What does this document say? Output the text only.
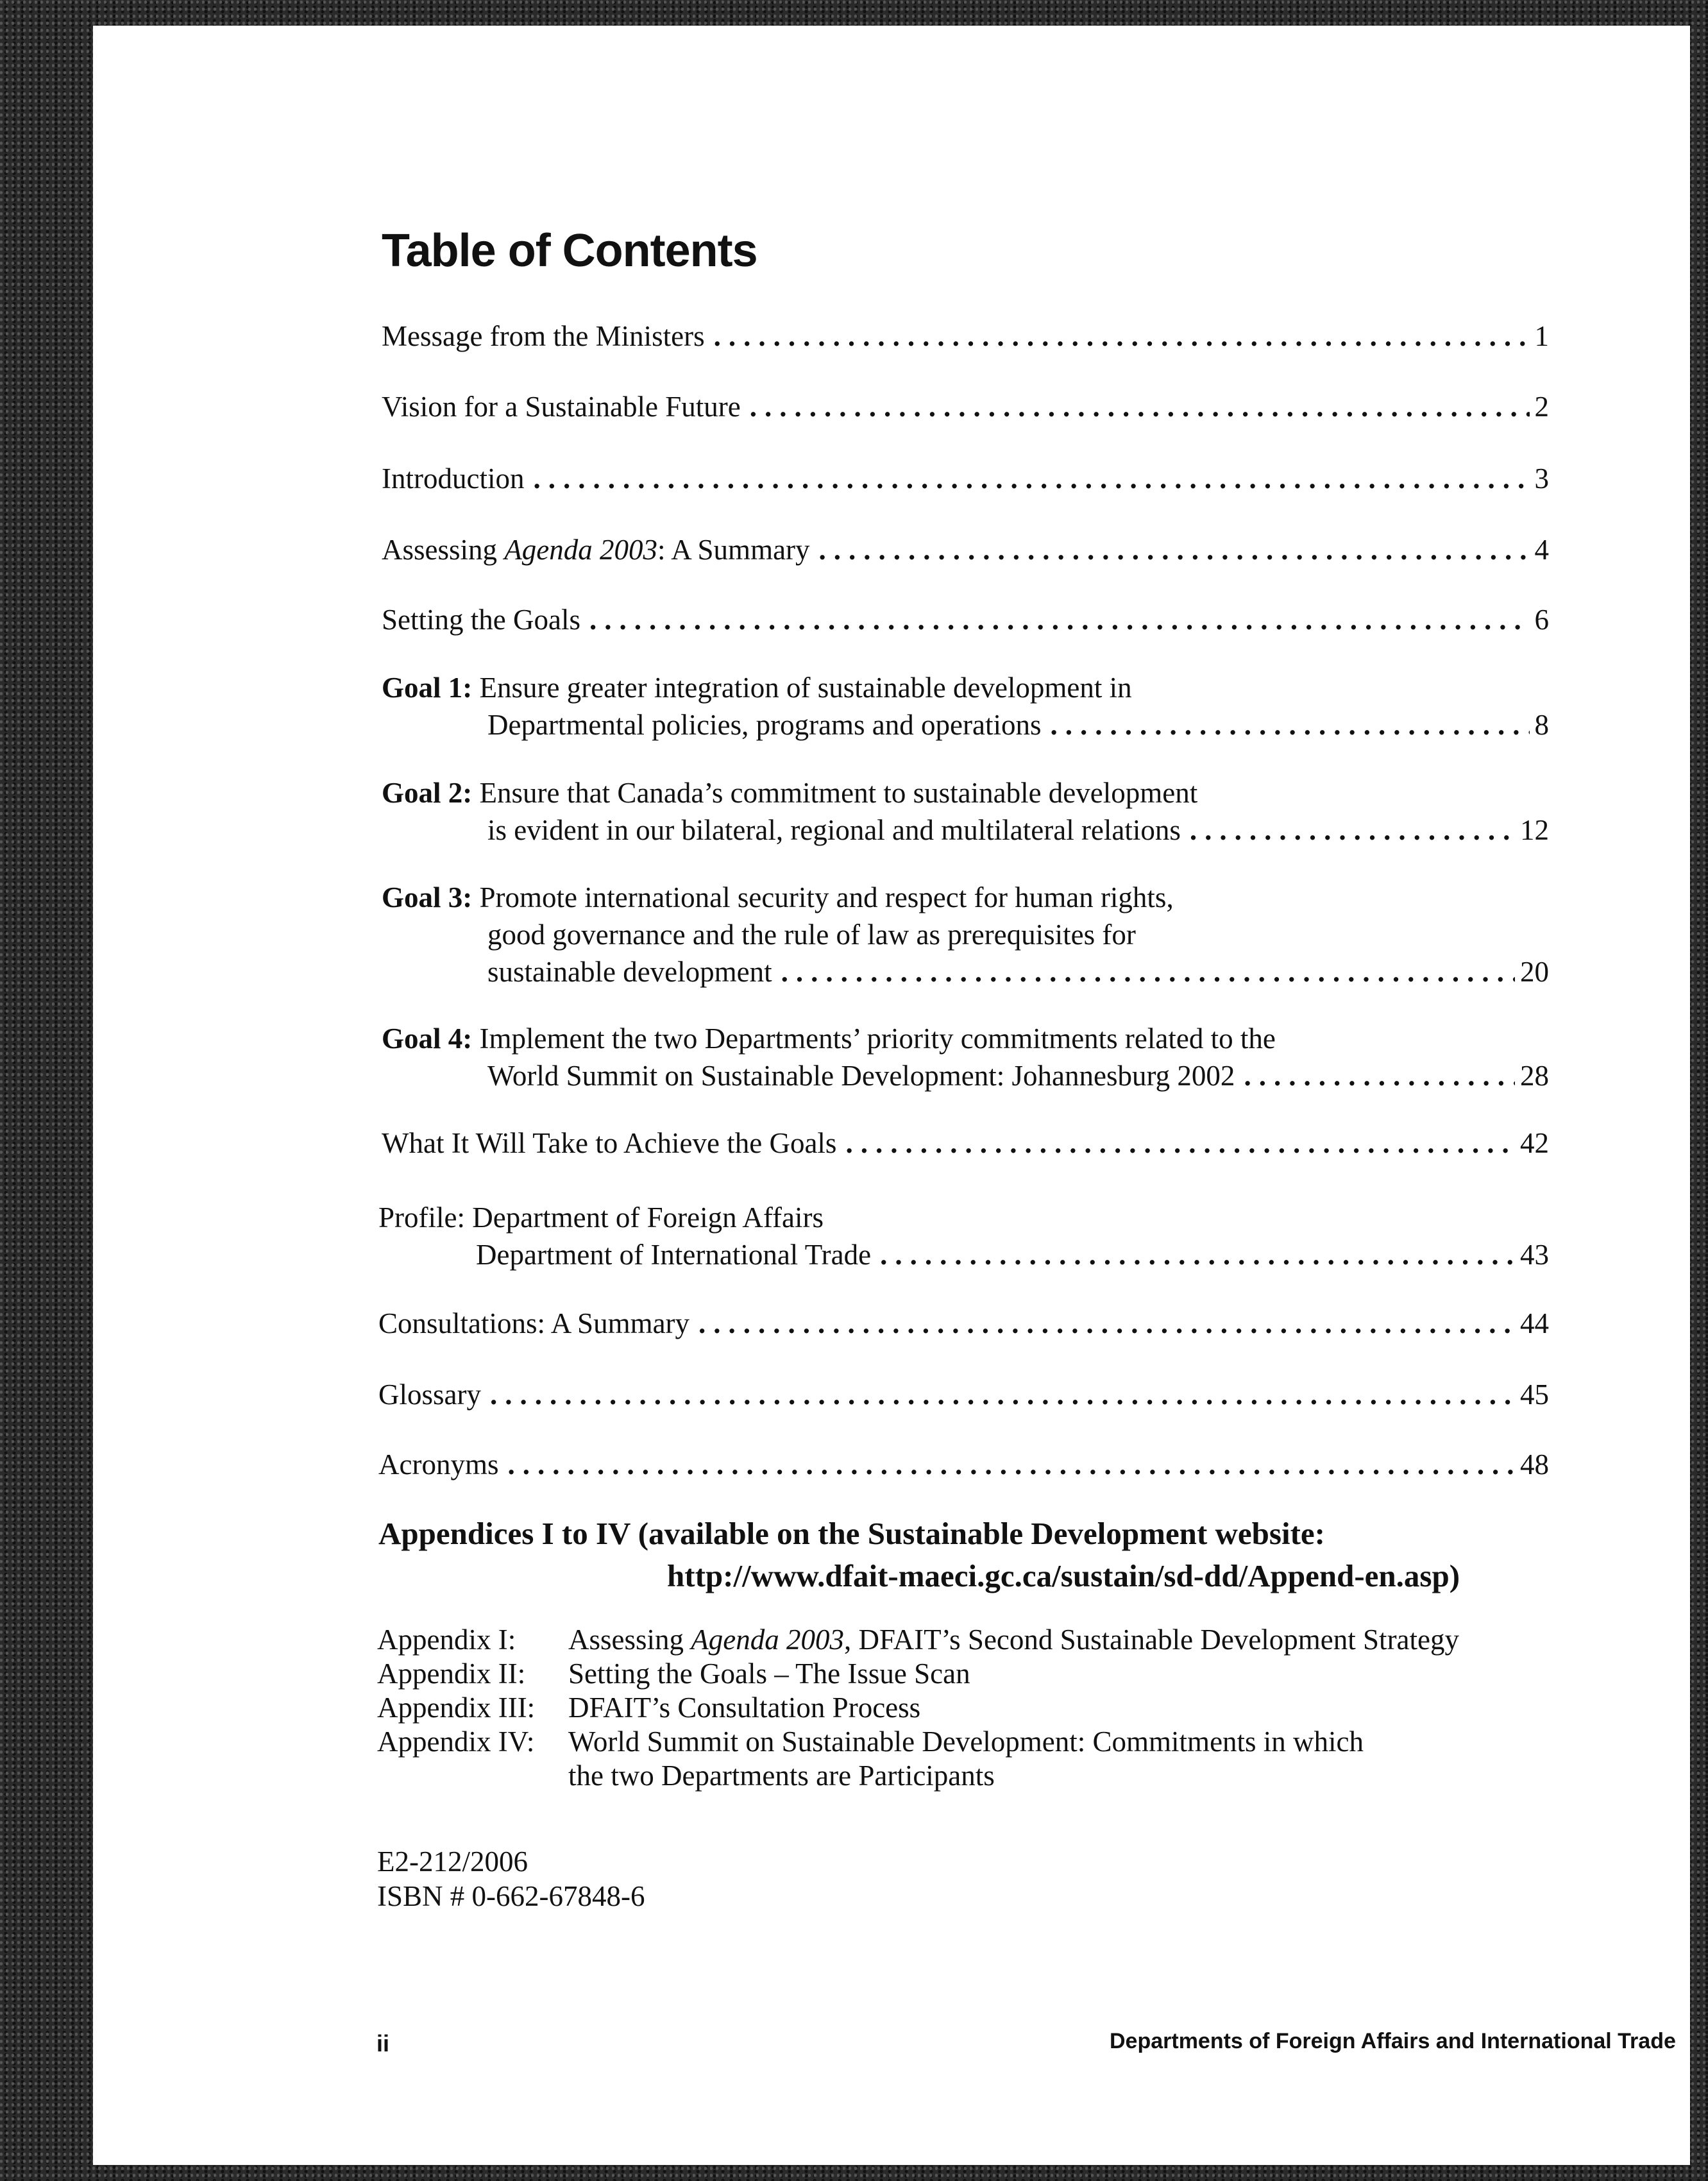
Table of Contents
Message from the Ministers .....	1
Vision for a Sustainable Future .....	2
Introduction .....	3
Assessing Agenda 2003: A Summary .....	4
Setting the Goals .....	6
Goal 1: Ensure greater integration of sustainable development in
Departmental policies, programs and operations .....	8
Goal 2: Ensure that Canada’s commitment to sustainable development
is evident in our bilateral, regional and multilateral relations .....	12
Goal 3: Promote international security and respect for human rights,
good governance and the rule of law as prerequisites for
sustainable development .....	20
Goal 4: Implement the two Departments’ priority commitments related to the
World Summit on Sustainable Development: Johannesburg 2002 .....	28
What It Will Take to Achieve the Goals .....	42
Profile: Department of Foreign Affairs
Department of International Trade .....	43
Consultations: A Summary .....	44
Glossary .....	45
Acronyms .....	48
Appendices I to IV (available on the Sustainable Development website:
http://www.dfait-maeci.gc.ca/sustain/sd-dd/Append-en.asp)
Appendix I:	Assessing Agenda 2003, DFAIT’s Second Sustainable Development Strategy
Appendix II:	Setting the Goals – The Issue Scan
Appendix III:	DFAIT’s Consultation Process
Appendix IV:	World Summit on Sustainable Development: Commitments in which
the two Departments are Participants
E2-212/2006
ISBN # 0-662-67848-6
ii	Departments of Foreign Affairs and International Trade
